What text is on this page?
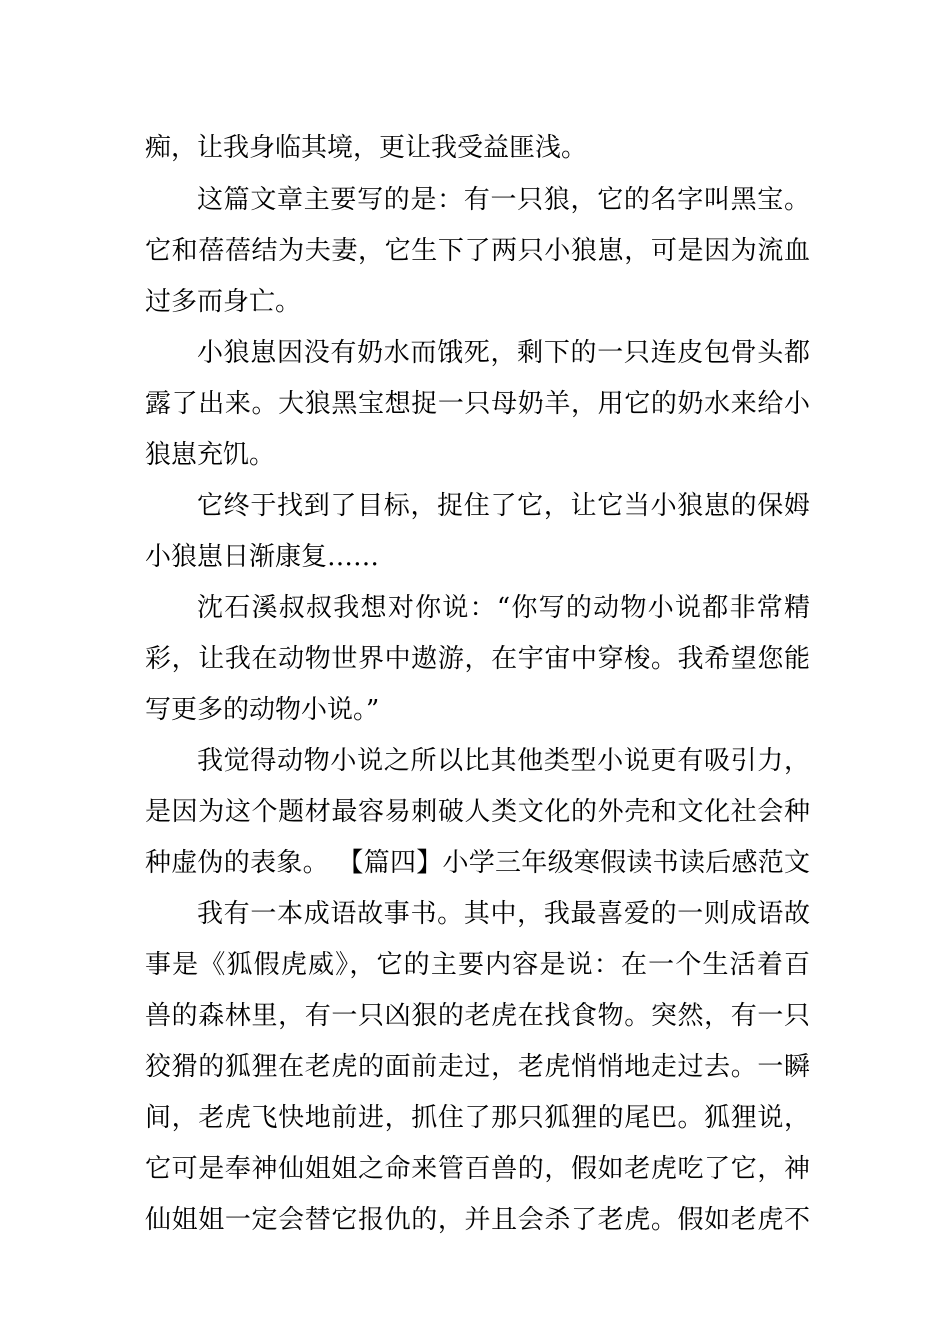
痴，让我身临其境，更让我受益匪浅。

这篇文章主要写的是：有一只狼，它的名字叫黑宝。

它和蓓蓓结为夫妻，它生下了两只小狼崽，可是因为流血

过多而身亡。

小狼崽因没有奶水而饿死，剩下的一只连皮包骨头都

露了出来。大狼黑宝想捉一只母奶羊，用它的奶水来给小

狼崽充饥。

它终于找到了目标，捉住了它，让它当小狼崽的保姆

小狼崽日渐康复……

沈石溪叔叔我想对你说：“你写的动物小说都非常精

彩，让我在动物世界中遨游，在宇宙中穿梭。我希望您能

写更多的动物小说。”

我觉得动物小说之所以比其他类型小说更有吸引力，

是因为这个题材最容易刺破人类文化的外壳和文化社会种

种虚伪的表象。 【篇四】小学三年级寒假读书读后感范文

我有一本成语故事书。其中，我最喜爱的一则成语故

事是《狐假虎威》，它的主要内容是说：在一个生活着百

兽的森林里，有一只凶狠的老虎在找食物。突然，有一只

狡猾的狐狸在老虎的面前走过，老虎悄悄地走过去。一瞬

间，老虎飞快地前进，抓住了那只狐狸的尾巴。狐狸说，

它可是奉神仙姐姐之命来管百兽的，假如老虎吃了它，神

仙姐姐一定会替它报仇的，并且会杀了老虎。假如老虎不
